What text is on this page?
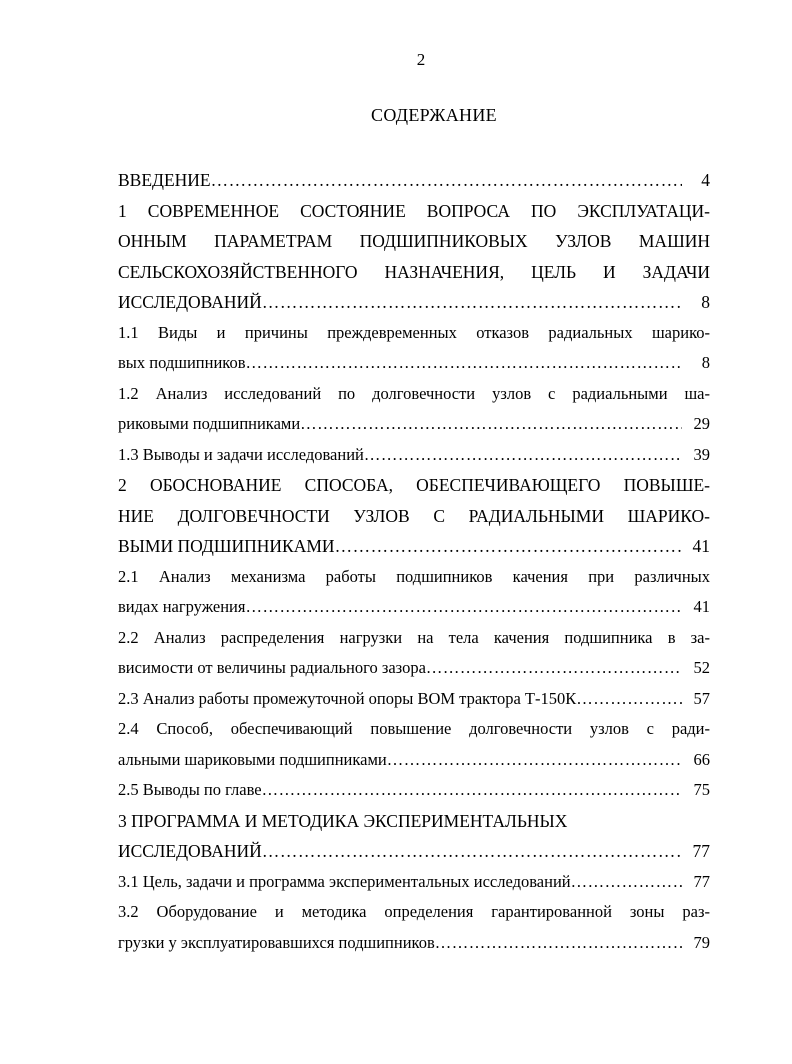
2
СОДЕРЖАНИЕ
ВВЕДЕНИЕ ……………………………………………………………………………………………………………………………………	4
1 СОВРЕМЕННОЕ СОСТОЯНИЕ ВОПРОСА ПО ЭКСПЛУАТАЦИ-
ОННЫМ ПАРАМЕТРАМ ПОДШИПНИКОВЫХ УЗЛОВ МАШИН
СЕЛЬСКОХОЗЯЙСТВЕННОГО НАЗНАЧЕНИЯ, ЦЕЛЬ И ЗАДАЧИ
ИССЛЕДОВАНИЙ ……………………………………………………………………………………………………………………………………	8
1.1 Виды и причины преждевременных отказов радиальных шарико-
вых подшипников ……………………………………………………………………………………………………………………………………	8
1.2 Анализ исследований по долговечности узлов с радиальными ша-
риковыми подшипниками ……………………………………………………………………………………………………………………………………	29
1.3 Выводы и задачи исследований ……………………………………………………………………………………………………………………………………	39
2 ОБОСНОВАНИЕ СПОСОБА, ОБЕСПЕЧИВАЮЩЕГО ПОВЫШЕ-
НИЕ ДОЛГОВЕЧНОСТИ УЗЛОВ С РАДИАЛЬНЫМИ ШАРИКО-
ВЫМИ ПОДШИПНИКАМИ ……………………………………………………………………………………………………………………………………	41
2.1 Анализ механизма работы подшипников качения при различных
видах нагружения ……………………………………………………………………………………………………………………………………	41
2.2 Анализ распределения нагрузки на тела качения подшипника в за-
висимости от величины радиального зазора ……………………………………………………………………………………………………………………………………	52
2.3 Анализ работы промежуточной опоры ВОМ трактора Т-150К ……………………………………………………………………………………………………………………………………	57
2.4 Способ, обеспечивающий повышение долговечности узлов с ради-
альными шариковыми подшипниками ……………………………………………………………………………………………………………………………………	66
2.5 Выводы по главе ……………………………………………………………………………………………………………………………………	75
3 ПРОГРАММА И МЕТОДИКА ЭКСПЕРИМЕНТАЛЬНЫХ
ИССЛЕДОВАНИЙ ……………………………………………………………………………………………………………………………………	77
3.1 Цель, задачи и программа экспериментальных исследований ……………………………………………………………………………………………………………………………………	77
3.2 Оборудование и методика определения гарантированной зоны раз-
грузки у эксплуатировавшихся подшипников ……………………………………………………………………………………………………………………………………	79
